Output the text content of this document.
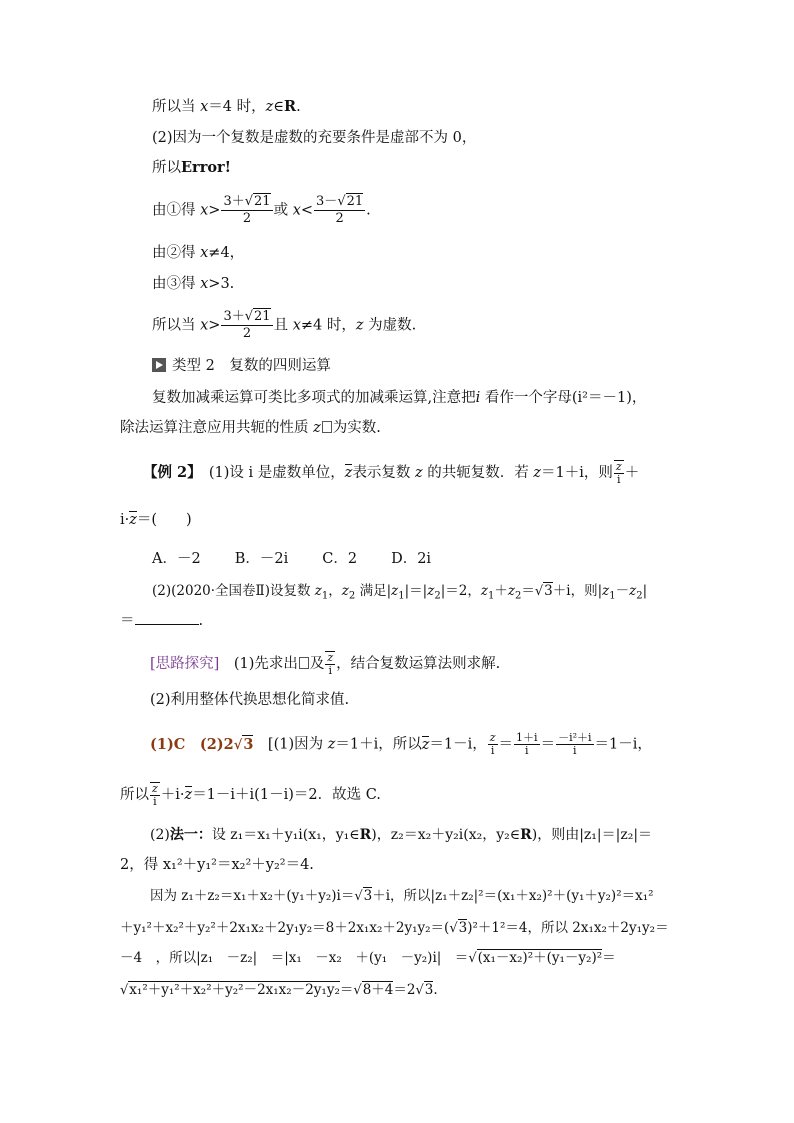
所以当 x＝4 时，z∈R.
(2)因为一个复数是虚数的充要条件是虚部不为 0，
所以Error!
由①得 $x> \frac{3+√21}{2}$ 或 $x< \frac{3-√21}{2}$ .
由②得 x≠4，
由③得 x>3.
所以当 $x> \frac{3+√21}{2}$ 且 x≠4 时，z 为虚数.
类型 2　复数的四则运算
复数加减乘运算可类比多项式的加减乘运算,注意把i 看作一个字母(i²＝－1)，
除法运算注意应用共轭的性质 z 为实数.
【例 2】　(1)设 i 是虚数单位，z表示复数 z 的共轭复数．若 z＝1＋i，则 $\frac{z}{i}$ ＋
i·z＝(　　)
A．－2 B．－2i C．2 D．2i
(2)(2020·全国卷Ⅱ)设复数 $z_1$，$z_2$ 满足$|z_1|=|z_2|=2$，$z_1+z_2=√3+i$，则$|z_1-z_2|$
＝	.
[思路探究]　(1)先求出 及 $\frac{z}{i}$ ，结合复数运算法则求解.
(2)利用整体代换思想化简求值.
(1)C　(2)2√3　[(1)因为 z＝1＋i，所以z＝1－i， $\frac{z}{i} = \frac{1+i}{i} = \frac{\text{－i²＋i}}{i} =1-i$，
所以 $\frac{z}{i} +i\cdot z=1-i+i(1-i)=2$．故选 C.
(2)法一：设 z₁＝x₁＋y₁i(x₁，y₁∈R)，z₂＝x₂＋y₂i(x₂，y₂∈R)，则由|z₁|＝|z₂|＝
2，得 x₁²＋y₁²＝x₂²＋y₂²＝4.
因为 z₁＋z₂＝x₁＋x₂＋(y₁＋y₂)i＝√3＋i，所以|z₁＋z₂|²＝(x₁＋x₂)²＋(y₁＋y₂)²＝x₁²
＋y₁²＋x₂²＋y₂²＋2x₁x₂＋2y₁y₂＝8＋2x₁x₂＋2y₁y₂＝(√3)²＋1²＝4，所以 2x₁x₂＋2y₁y₂＝
－4　，所以|z₁　－z₂|　＝|x₁　－x₂　＋(y₁　－y₂)i|　＝√(x₁－x₂)²＋(y₁－y₂)²＝
√x₁²＋y₁²＋x₂²＋y₂²－2x₁x₂－2y₁y₂＝√8＋4＝2√3.
